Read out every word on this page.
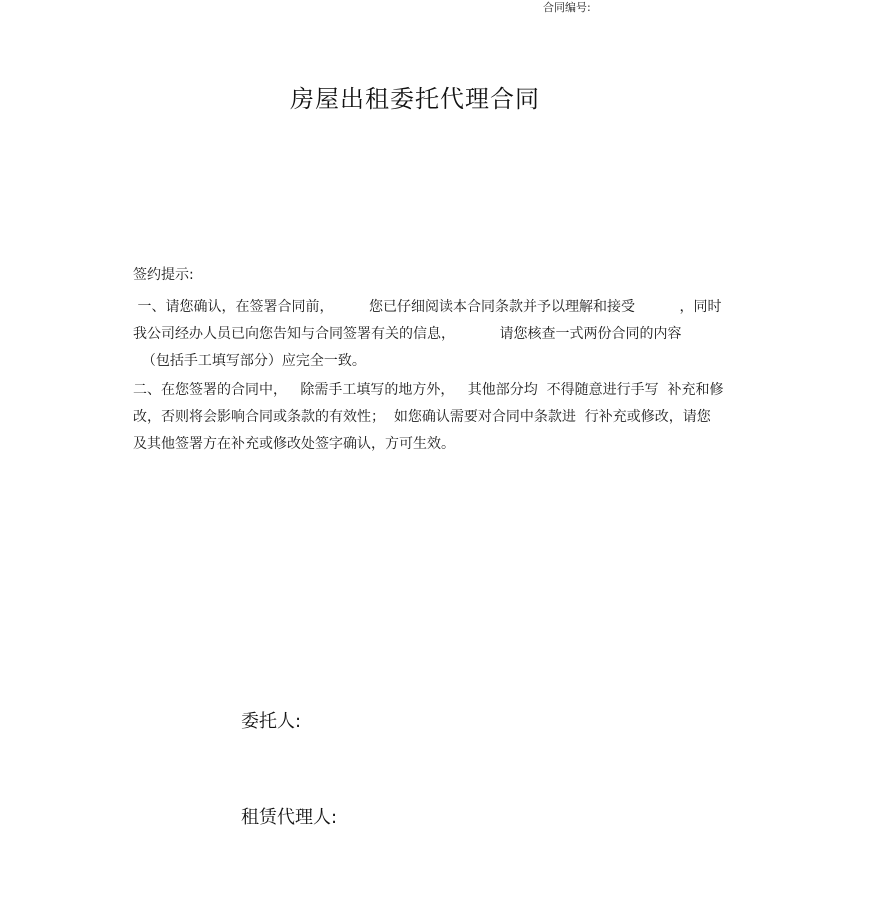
合同编号:
房屋出租委托代理合同
签约提示:
一、请您确认，在签署合同前，        您已仔细阅读本合同条款并予以理解和接受          ，同时
我公司经办人员已向您告知与合同签署有关的信息，          请您核查一式两份合同的内容
（包括手工填写部分）应完全一致。
二、在您签署的合同中，   除需手工填写的地方外，   其他部分均  不得随意进行手写  补充和修
改，否则将会影响合同或条款的有效性；  如您确认需要对合同中条款进  行补充或修改，请您
及其他签署方在补充或修改处签字确认，方可生效。
委托人:
租赁代理人:
